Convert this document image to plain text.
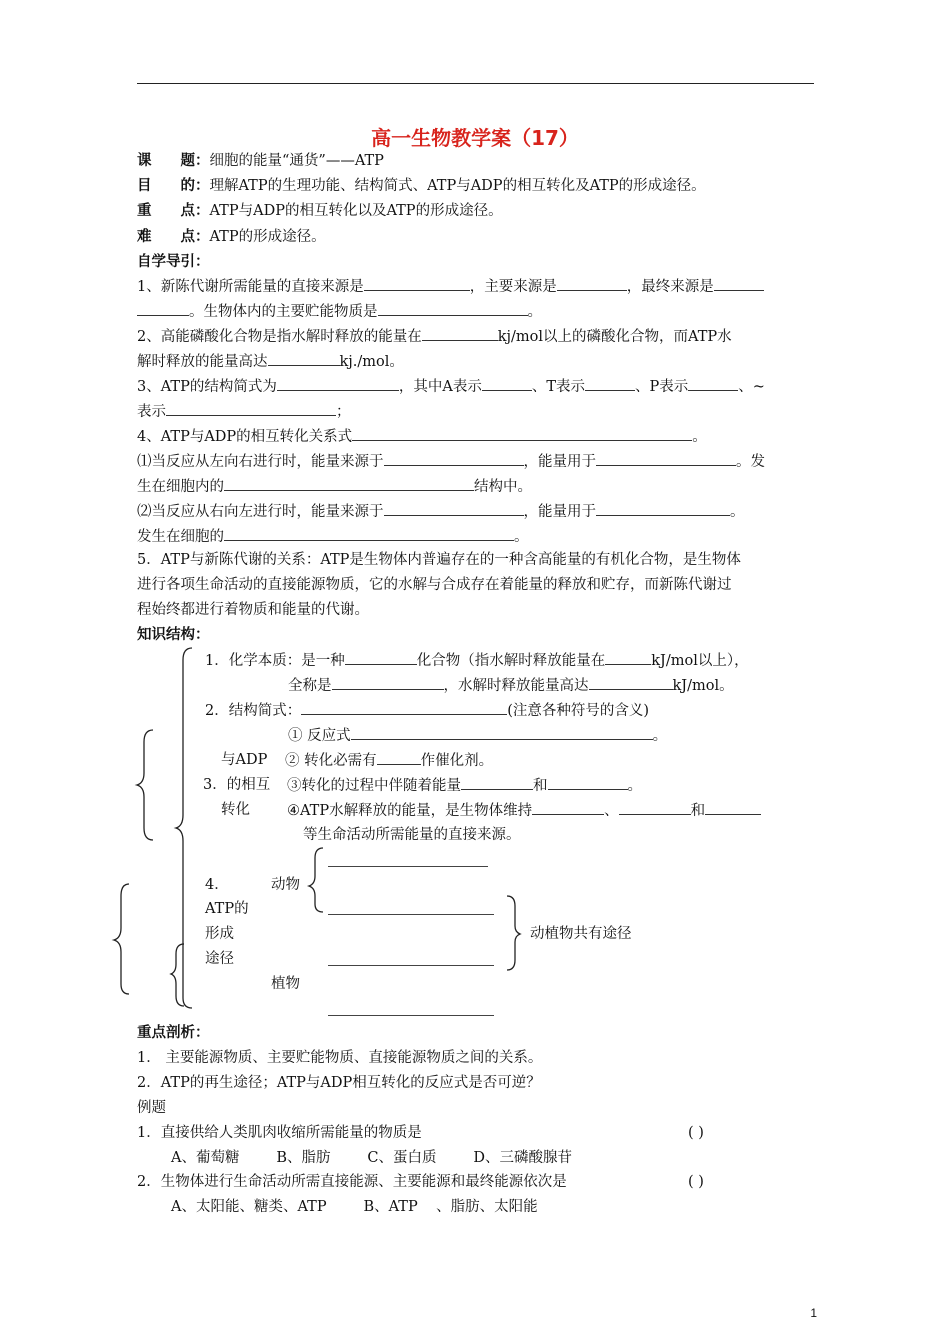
高一生物教学案（17）
课　　题：细胞的能量“通货”——ATP
目　　的：理解ATP的生理功能、结构简式、ATP与ADP的相互转化及ATP的形成途径。
重　　点：ATP与ADP的相互转化以及ATP的形成途径。
难　　点：ATP的形成途径。
自学导引：
1、新陈代谢所需能量的直接来源是	，主要来源是	，最终来源是
。生物体内的主要贮能物质是	。
2、高能磷酸化合物是指水解时释放的能量在	kj/mol以上的磷酸化合物，而ATP水
解时释放的能量高达	kj./mol。
3、ATP的结构简式为	，其中A表示	、T表示	、P表示	、~
表示	；
4、ATP与ADP的相互转化关系式	。
⑴当反应从左向右进行时，能量来源于	，能量用于	。发
生在细胞内的	结构中。
⑵当反应从右向左进行时，能量来源于	，能量用于	。
发生在细胞的	。
5．ATP与新陈代谢的关系：ATP是生物体内普遍存在的一种含高能量的有机化合物，是生物体
进行各项生命活动的直接能源物质，它的水解与合成存在着能量的释放和贮存，而新陈代谢过
程始终都进行着物质和能量的代谢。
知识结构：
1．化学本质：是一种	化合物（指水解时释放能量在	kJ/mol以上），
全称是	，水解时释放能量高达	kJ/mol。
2．结构简式：	(注意各种符号的含义)
① 反应式	。
与ADP ② 转化必需有	作催化剂。
3．的相互 ③转化的过程中伴随着能量	和	。
转化	④ATP水解释放的能量，是生物体维持	、	和
等生命活动所需能量的直接来源。
4．	动物
ATP的
形成
途径
植物
动植物共有途径
重点剖析：
1． 主要能源物质、主要贮能物质、直接能源物质之间的关系。
2．ATP的再生途径；ATP与ADP相互转化的反应式是否可逆？
例题
1．直接供给人类肌肉收缩所需能量的物质是	( )
A、葡萄糖        B、脂肪        C、蛋白质        D、三磷酸腺苷
2．生物体进行生命活动所需直接能源、主要能源和最终能源依次是	( )
A、太阳能、糖类、ATP        B、ATP    、脂肪、太阳能
1
